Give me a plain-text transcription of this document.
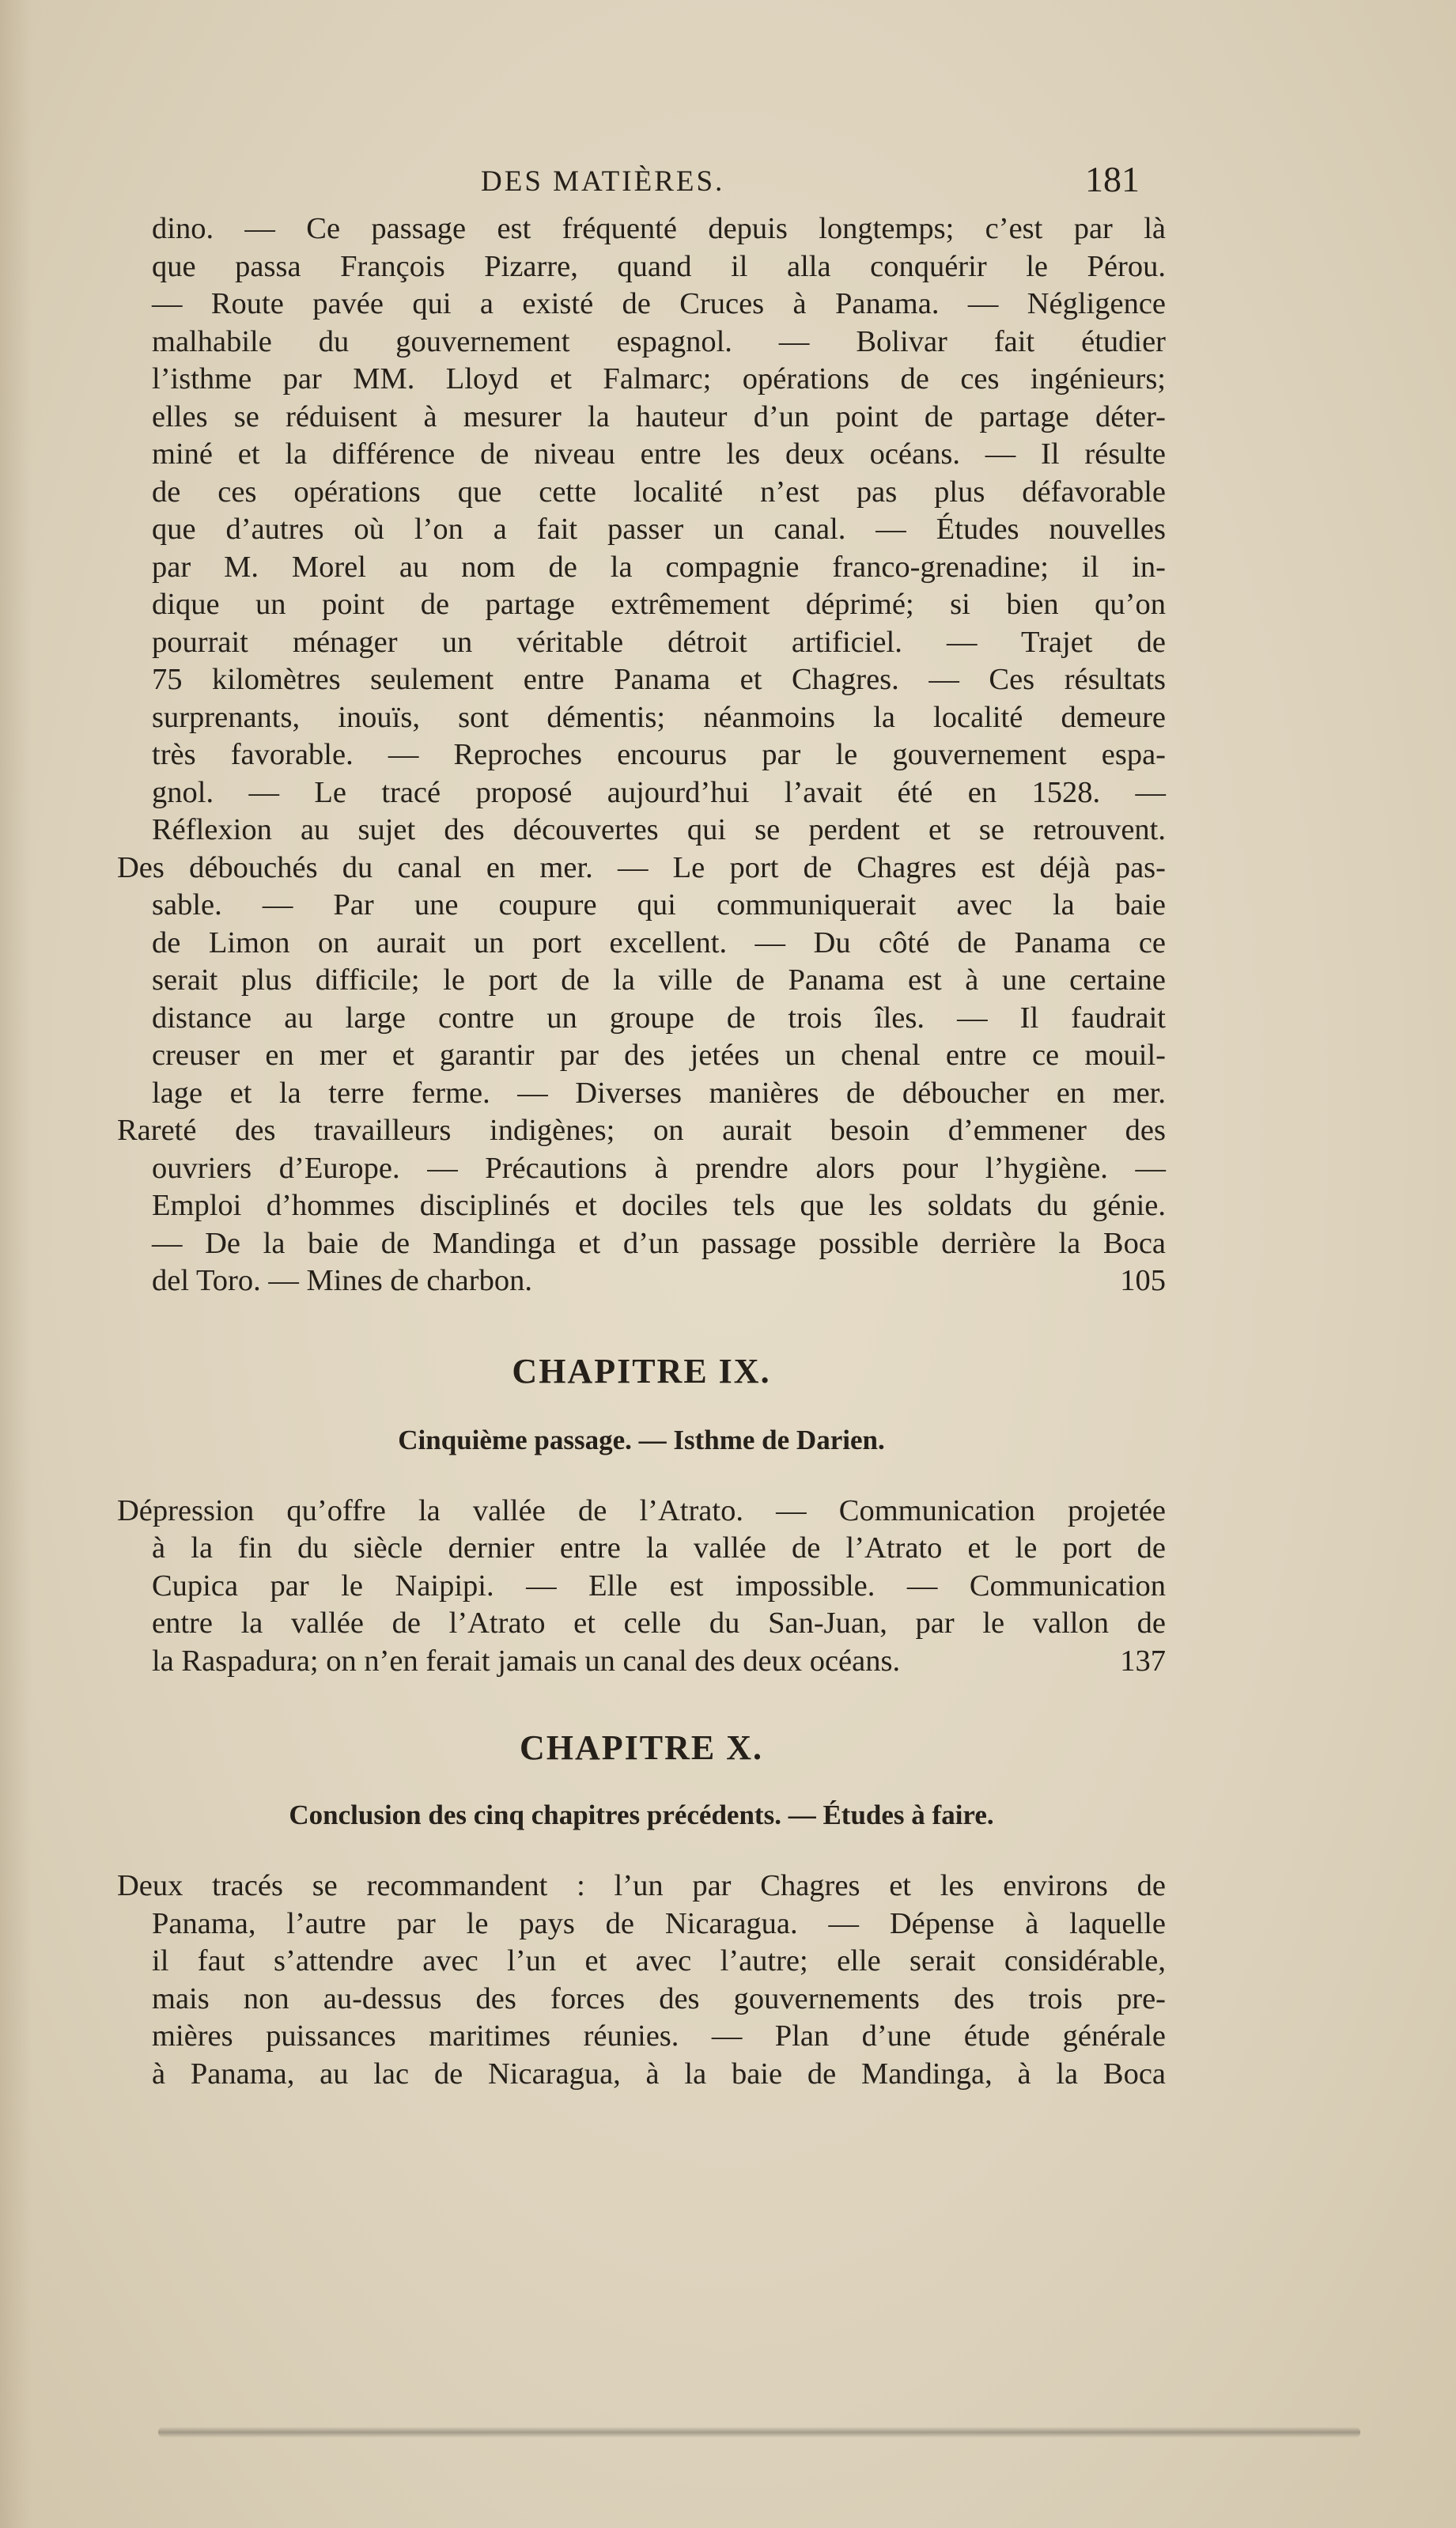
DES MATIÈRES.	181
dino. — Ce passage est fréquenté depuis longtemps; c’est par là
que passa François Pizarre, quand il alla conquérir le Pérou.
— Route pavée qui a existé de Cruces à Panama. — Négligence
malhabile du gouvernement espagnol. — Bolivar fait étudier
l’isthme par MM. Lloyd et Falmarc; opérations de ces ingénieurs;
elles se réduisent à mesurer la hauteur d’un point de partage déter-
miné et la différence de niveau entre les deux océans. — Il résulte
de ces opérations que cette localité n’est pas plus défavorable
que d’autres où l’on a fait passer un canal. — Études nouvelles
par M. Morel au nom de la compagnie franco-grenadine; il in-
dique un point de partage extrêmement déprimé; si bien qu’on
pourrait ménager un véritable détroit artificiel. — Trajet de
75 kilomètres seulement entre Panama et Chagres. — Ces résultats
surprenants, inouïs, sont démentis; néanmoins la localité demeure
très favorable. — Reproches encourus par le gouvernement espa-
gnol. — Le tracé proposé aujourd’hui l’avait été en 1528. —
Réflexion au sujet des découvertes qui se perdent et se retrouvent.
Des débouchés du canal en mer. — Le port de Chagres est déjà pas-
sable. — Par une coupure qui communiquerait avec la baie
de Limon on aurait un port excellent. — Du côté de Panama ce
serait plus difficile; le port de la ville de Panama est à une certaine
distance au large contre un groupe de trois îles. — Il faudrait
creuser en mer et garantir par des jetées un chenal entre ce mouil-
lage et la terre ferme. — Diverses manières de déboucher en mer.
Rareté des travailleurs indigènes; on aurait besoin d’emmener des
ouvriers d’Europe. — Précautions à prendre alors pour l’hygiène. —
Emploi d’hommes disciplinés et dociles tels que les soldats du génie.
— De la baie de Mandinga et d’un passage possible derrière la Boca
del Toro. — Mines de charbon.	105
CHAPITRE IX.
Cinquième passage. — Isthme de Darien.
Dépression qu’offre la vallée de l’Atrato. — Communication projetée
à la fin du siècle dernier entre la vallée de l’Atrato et le port de
Cupica par le Naipipi. — Elle est impossible. — Communication
entre la vallée de l’Atrato et celle du San-Juan, par le vallon de
la Raspadura; on n’en ferait jamais un canal des deux océans.	137
CHAPITRE X.
Conclusion des cinq chapitres précédents. — Études à faire.
Deux tracés se recommandent : l’un par Chagres et les environs de
Panama, l’autre par le pays de Nicaragua. — Dépense à laquelle
il faut s’attendre avec l’un et avec l’autre; elle serait considérable,
mais non au-dessus des forces des gouvernements des trois pre-
mières puissances maritimes réunies. — Plan d’une étude générale
à Panama, au lac de Nicaragua, à la baie de Mandinga, à la Boca
